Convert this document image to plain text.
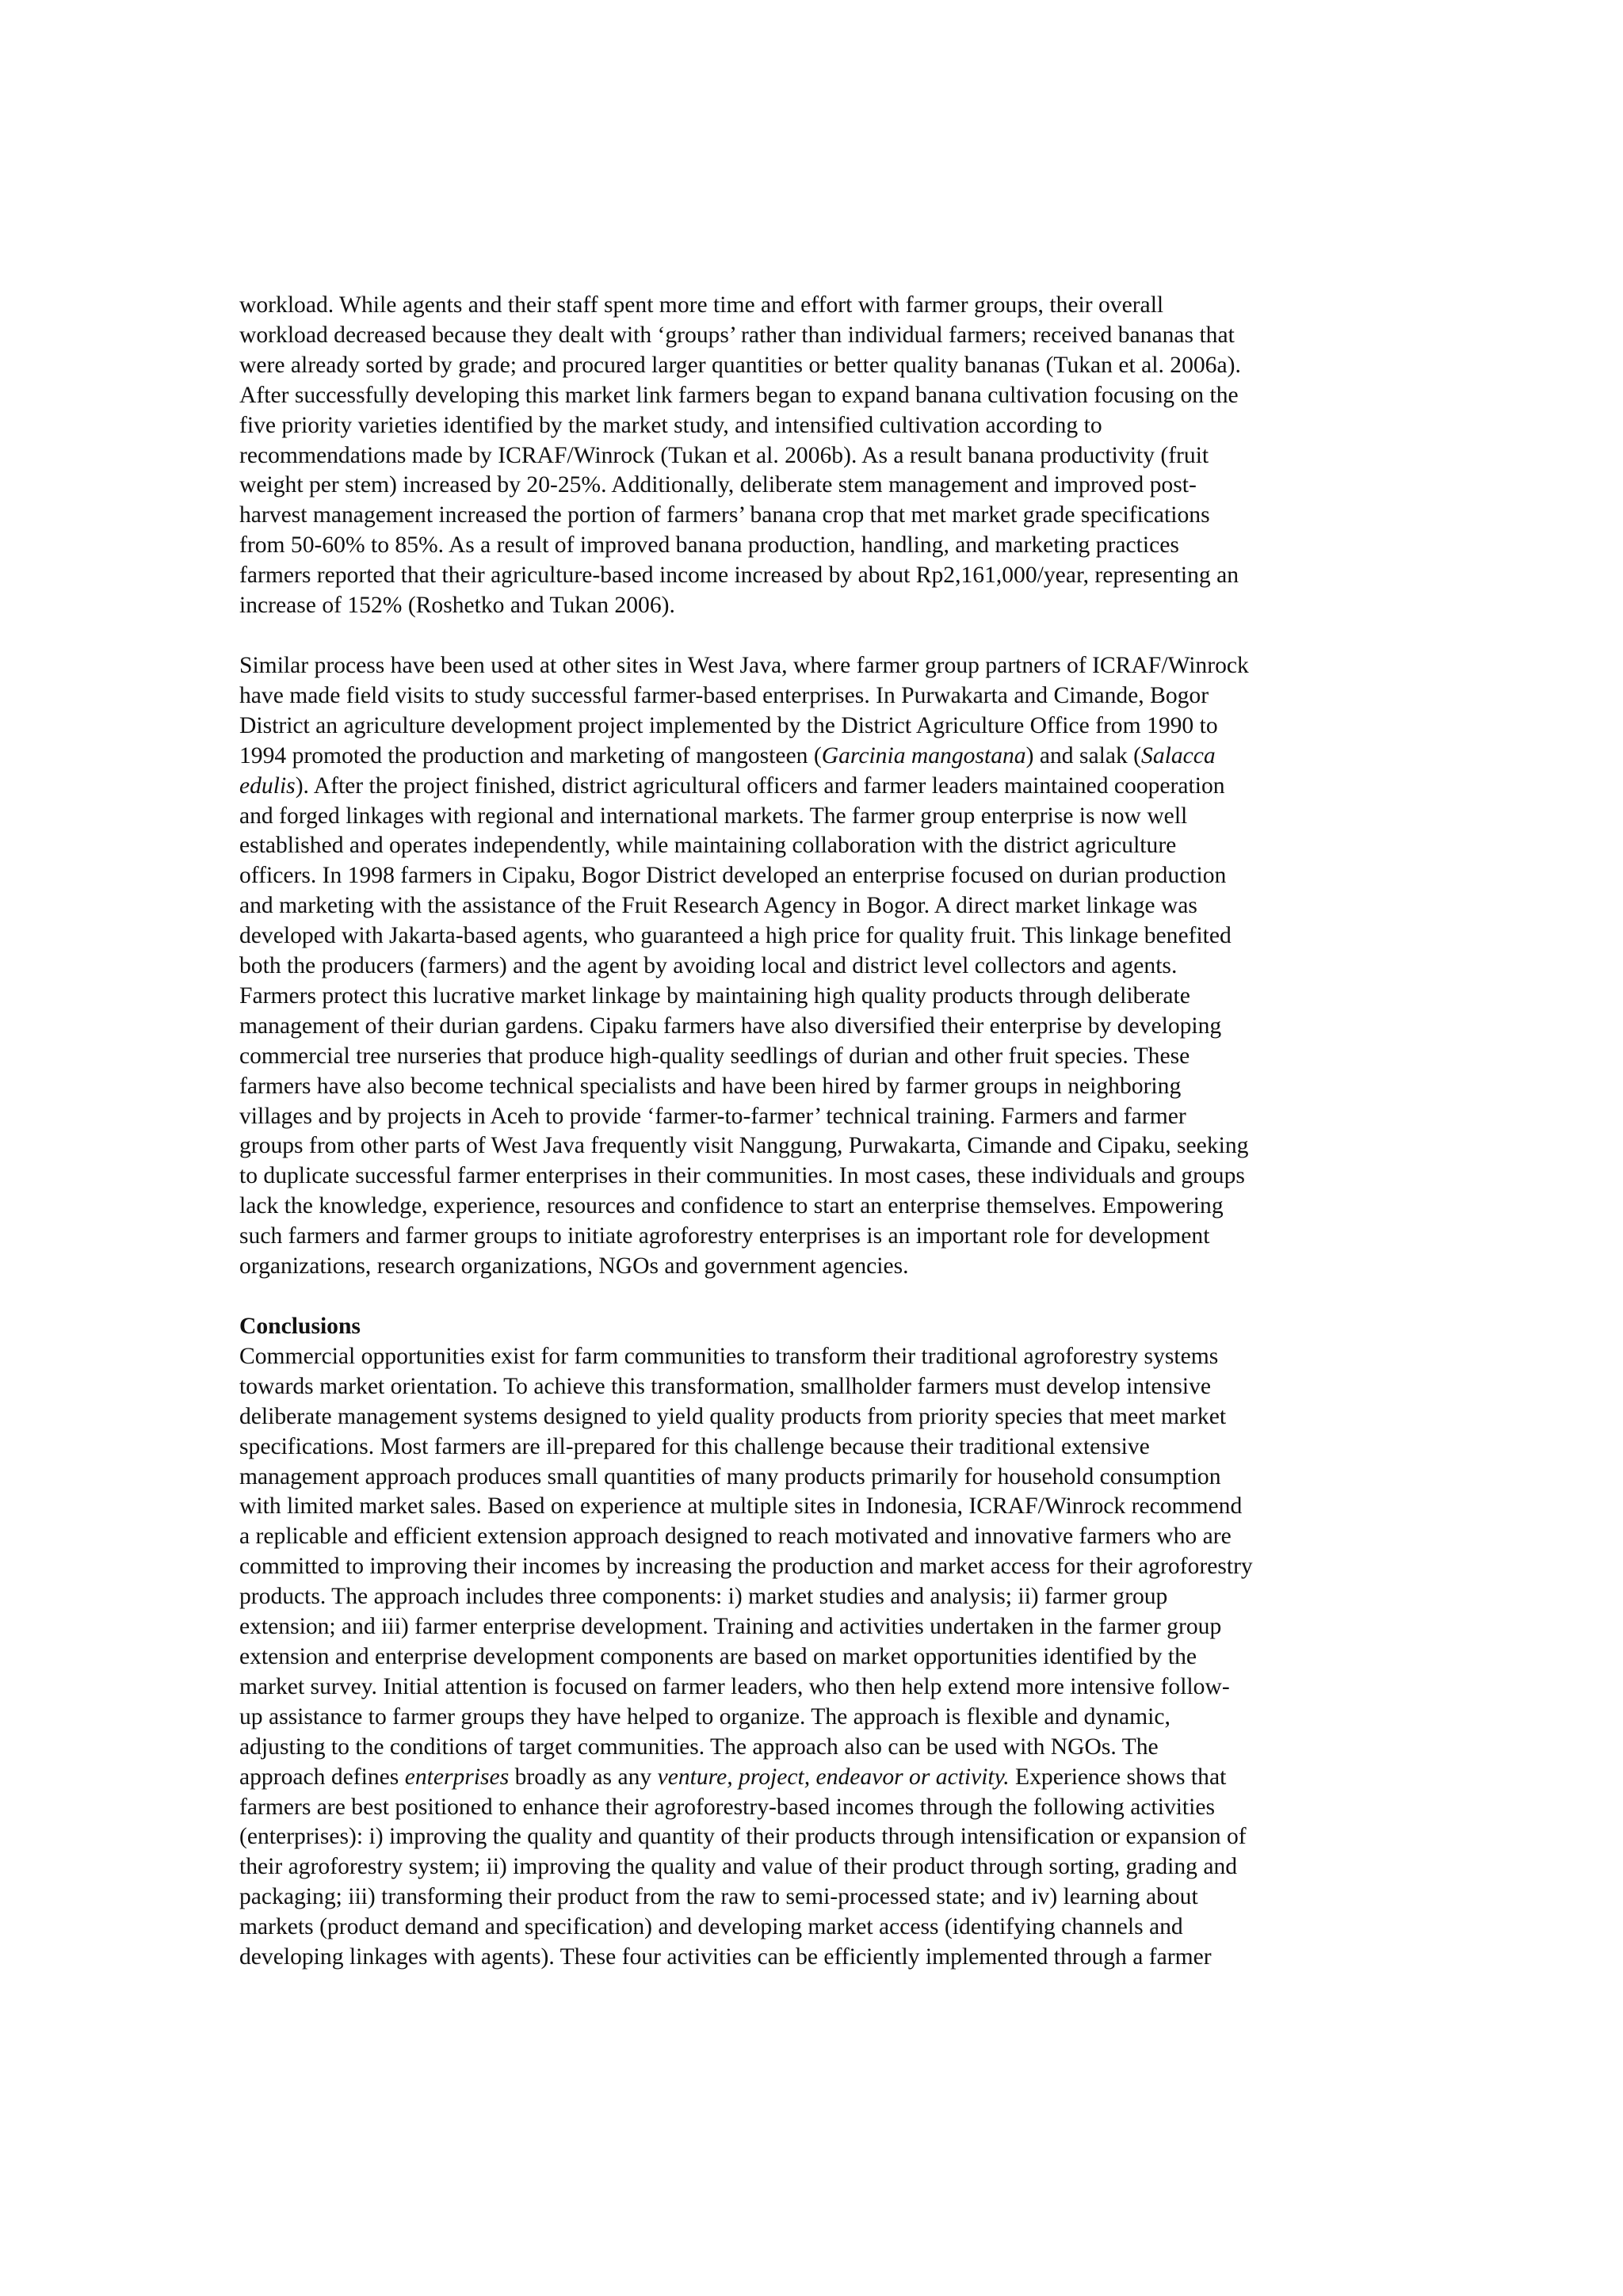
workload. While agents and their staff spent more time and effort with farmer groups, their overall
workload decreased because they dealt with ‘groups’ rather than individual farmers; received bananas that
were already sorted by grade; and procured larger quantities or better quality bananas (Tukan et al. 2006a).
After successfully developing this market link farmers began to expand banana cultivation focusing on the
five priority varieties identified by the market study, and intensified cultivation according to
recommendations made by ICRAF/Winrock (Tukan et al. 2006b). As a result banana productivity (fruit
weight per stem) increased by 20-25%. Additionally, deliberate stem management and improved post-
harvest management increased the portion of farmers’ banana crop that met market grade specifications
from 50-60% to 85%. As a result of improved banana production, handling, and marketing practices
farmers reported that their agriculture-based income increased by about Rp2,161,000/year, representing an
increase of 152% (Roshetko and Tukan 2006).

Similar process have been used at other sites in West Java, where farmer group partners of ICRAF/Winrock
have made field visits to study successful farmer-based enterprises. In Purwakarta and Cimande, Bogor
District an agriculture development project implemented by the District Agriculture Office from 1990 to
1994 promoted the production and marketing of mangosteen (Garcinia mangostana) and salak (Salacca
edulis). After the project finished, district agricultural officers and farmer leaders maintained cooperation
and forged linkages with regional and international markets. The farmer group enterprise is now well
established and operates independently, while maintaining collaboration with the district agriculture
officers. In 1998 farmers in Cipaku, Bogor District developed an enterprise focused on durian production
and marketing with the assistance of the Fruit Research Agency in Bogor. A direct market linkage was
developed with Jakarta-based agents, who guaranteed a high price for quality fruit. This linkage benefited
both the producers (farmers) and the agent by avoiding local and district level collectors and agents.
Farmers protect this lucrative market linkage by maintaining high quality products through deliberate
management of their durian gardens. Cipaku farmers have also diversified their enterprise by developing
commercial tree nurseries that produce high-quality seedlings of durian and other fruit species. These
farmers have also become technical specialists and have been hired by farmer groups in neighboring
villages and by projects in Aceh to provide ‘farmer-to-farmer’ technical training. Farmers and farmer
groups from other parts of West Java frequently visit Nanggung, Purwakarta, Cimande and Cipaku, seeking
to duplicate successful farmer enterprises in their communities. In most cases, these individuals and groups
lack the knowledge, experience, resources and confidence to start an enterprise themselves. Empowering
such farmers and farmer groups to initiate agroforestry enterprises is an important role for development
organizations, research organizations, NGOs and government agencies.

Conclusions

Commercial opportunities exist for farm communities to transform their traditional agroforestry systems
towards market orientation. To achieve this transformation, smallholder farmers must develop intensive
deliberate management systems designed to yield quality products from priority species that meet market
specifications. Most farmers are ill-prepared for this challenge because their traditional extensive
management approach produces small quantities of many products primarily for household consumption
with limited market sales. Based on experience at multiple sites in Indonesia, ICRAF/Winrock recommend
a replicable and efficient extension approach designed to reach motivated and innovative farmers who are
committed to improving their incomes by increasing the production and market access for their agroforestry
products. The approach includes three components: i) market studies and analysis; ii) farmer group
extension; and iii) farmer enterprise development. Training and activities undertaken in the farmer group
extension and enterprise development components are based on market opportunities identified by the
market survey. Initial attention is focused on farmer leaders, who then help extend more intensive follow-
up assistance to farmer groups they have helped to organize. The approach is flexible and dynamic,
adjusting to the conditions of target communities. The approach also can be used with NGOs. The
approach defines enterprises broadly as any venture, project, endeavor or activity. Experience shows that
farmers are best positioned to enhance their agroforestry-based incomes through the following activities
(enterprises): i) improving the quality and quantity of their products through intensification or expansion of
their agroforestry system; ii) improving the quality and value of their product through sorting, grading and
packaging; iii) transforming their product from the raw to semi-processed state; and iv) learning about
markets (product demand and specification) and developing market access (identifying channels and
developing linkages with agents). These four activities can be efficiently implemented through a farmer
